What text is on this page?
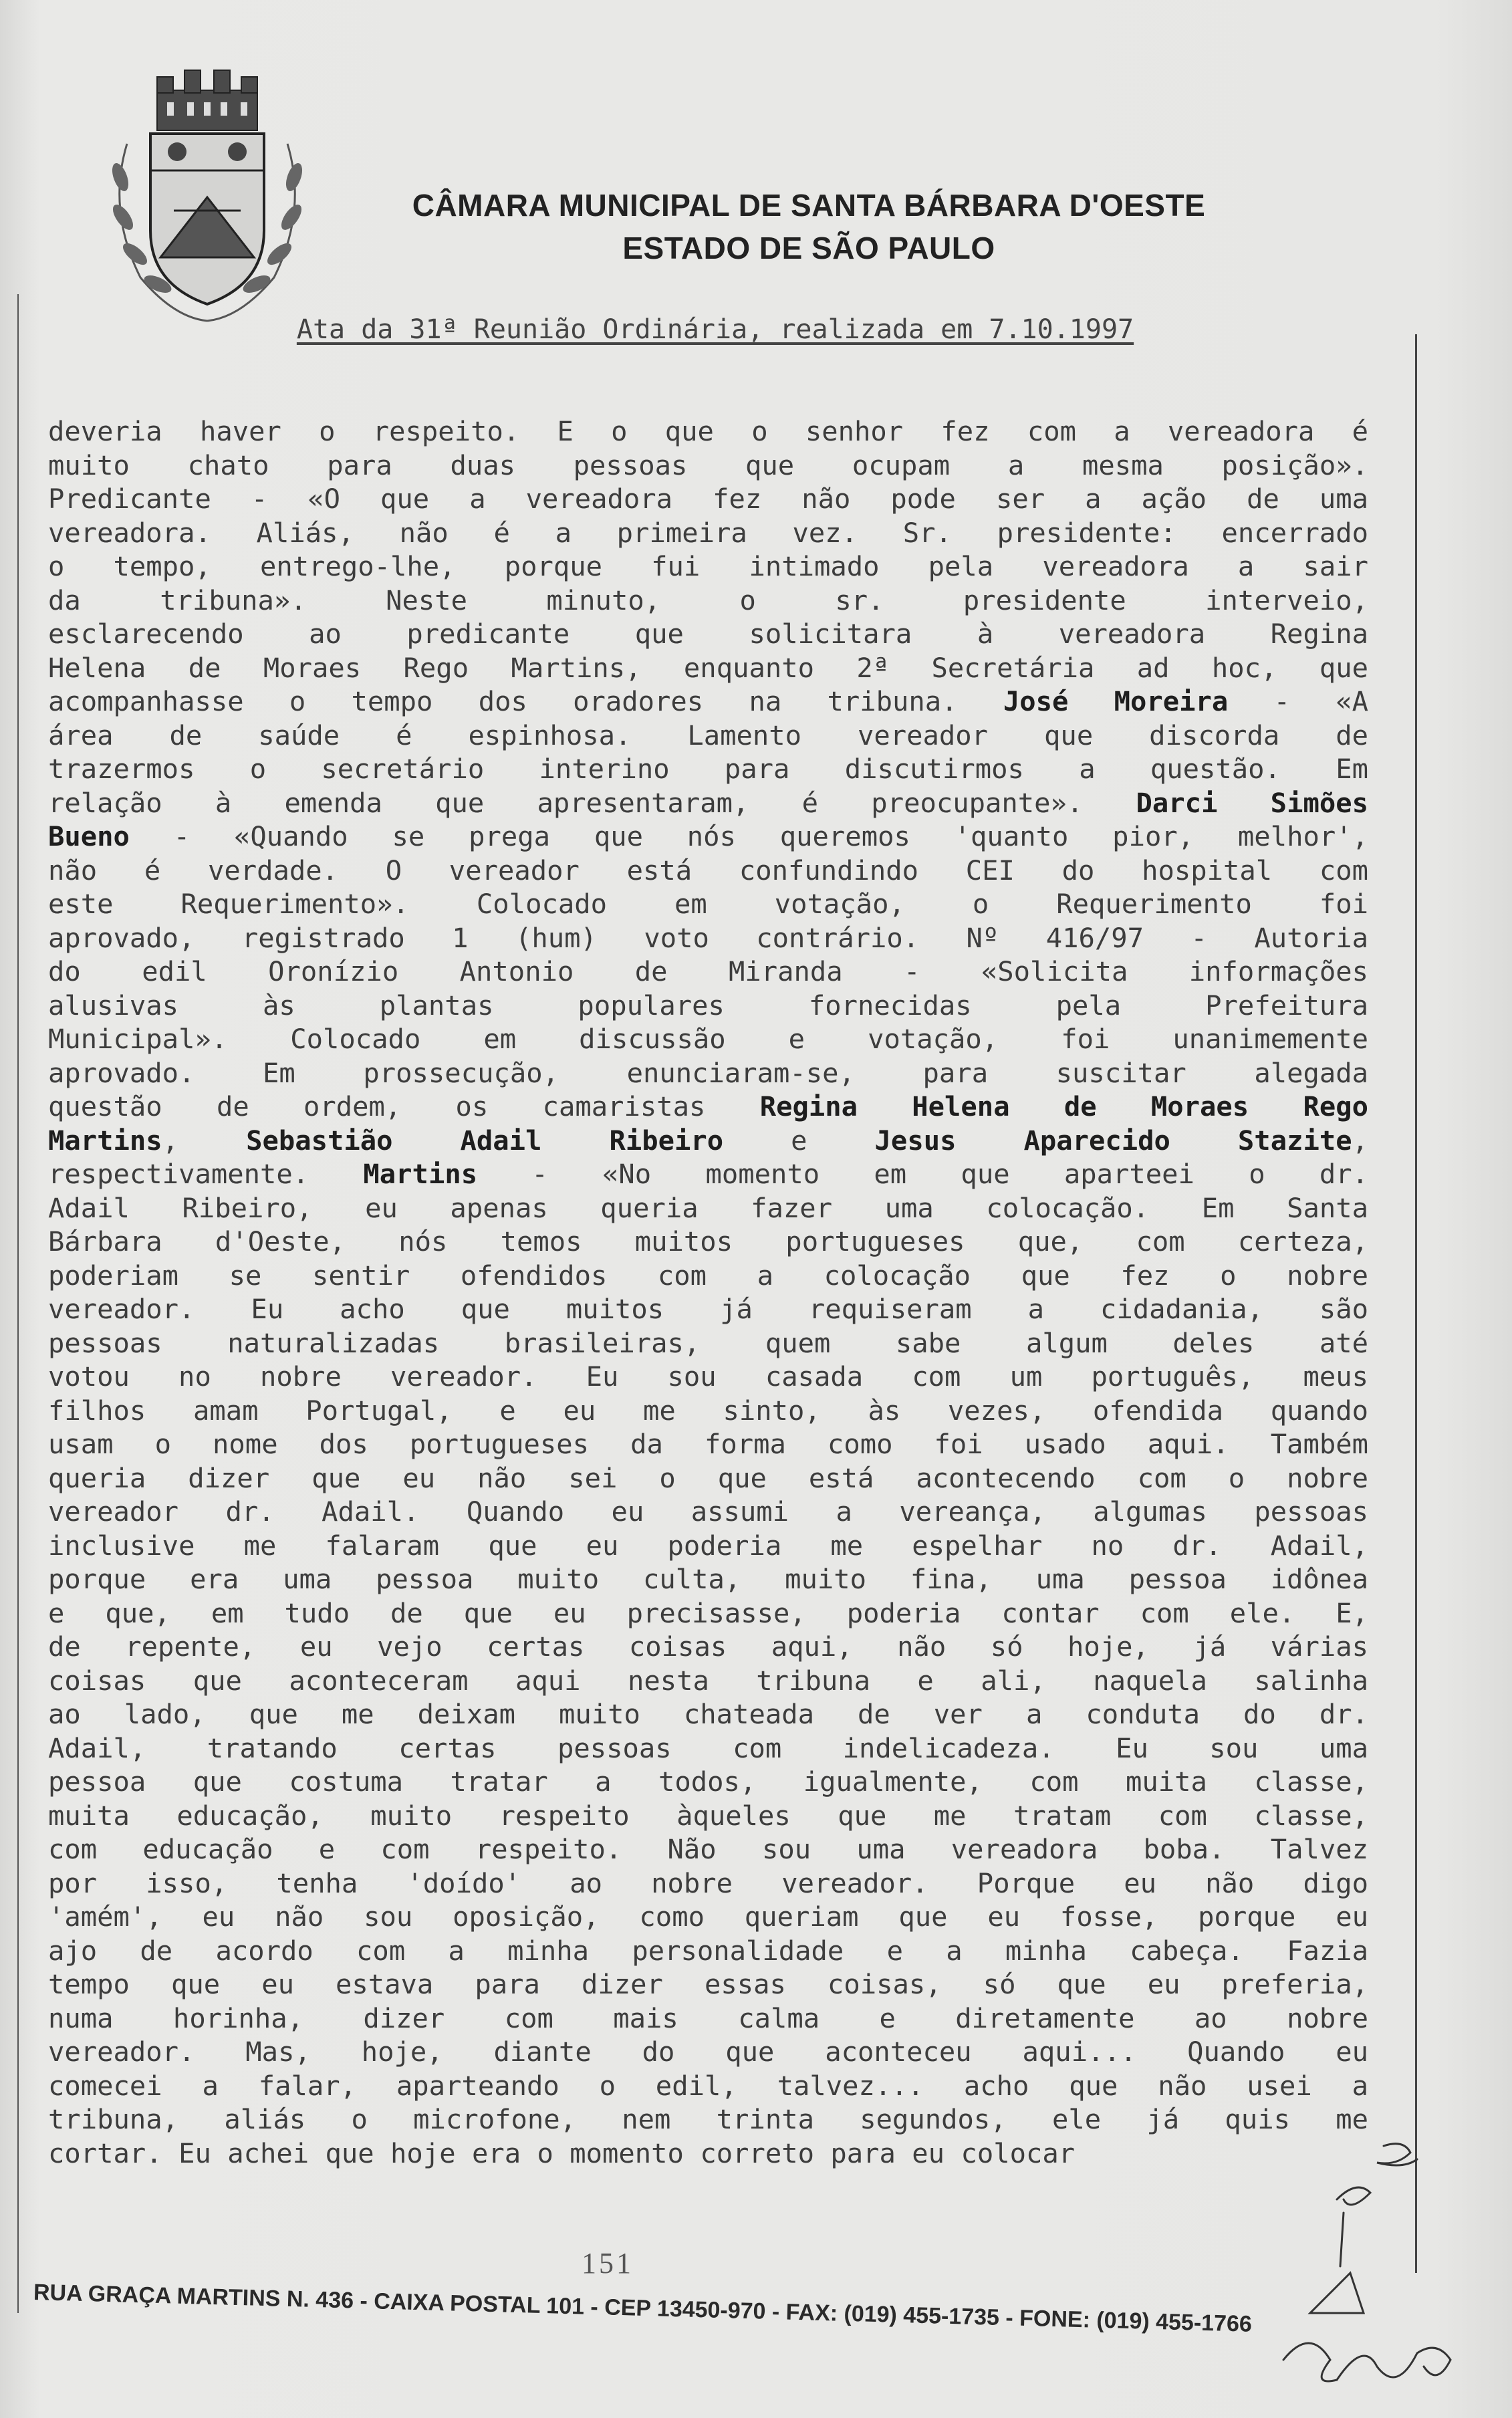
CÂMARA MUNICIPAL DE SANTA BÁRBARA D'OESTE
ESTADO DE SÃO PAULO
Ata da 31ª Reunião Ordinária, realizada em 7.10.1997
deveria haver o respeito. E o que o senhor fez com a vereadora é
muito chato para duas pessoas que ocupam a mesma posição».
Predicante - «O que a vereadora fez não pode ser a ação de uma
vereadora. Aliás, não é a primeira vez. Sr. presidente: encerrado
o tempo, entrego-lhe, porque fui intimado pela vereadora a sair
da tribuna». Neste minuto, o sr. presidente interveio,
esclarecendo ao predicante que solicitara à vereadora Regina
Helena de Moraes Rego Martins, enquanto 2ª Secretária ad hoc, que
acompanhasse o tempo dos oradores na tribuna. José Moreira - «A
área de saúde é espinhosa. Lamento vereador que discorda de
trazermos o secretário interino para discutirmos a questão. Em
relação à emenda que apresentaram, é preocupante». Darci Simões
Bueno - «Quando se prega que nós queremos 'quanto pior, melhor',
não é verdade. O vereador está confundindo CEI do hospital com
este Requerimento». Colocado em votação, o Requerimento foi
aprovado, registrado 1 (hum) voto contrário. Nº 416/97 - Autoria
do edil Oronízio Antonio de Miranda - «Solicita informações
alusivas às plantas populares fornecidas pela Prefeitura
Municipal». Colocado em discussão e votação, foi unanimemente
aprovado. Em prossecução, enunciaram-se, para suscitar alegada
questão de ordem, os camaristas Regina Helena de Moraes Rego
Martins, Sebastião Adail Ribeiro e Jesus Aparecido Stazite,
respectivamente. Martins - «No momento em que aparteei o dr.
Adail Ribeiro, eu apenas queria fazer uma colocação. Em Santa
Bárbara d'Oeste, nós temos muitos portugueses que, com certeza,
poderiam se sentir ofendidos com a colocação que fez o nobre
vereador. Eu acho que muitos já requiseram a cidadania, são
pessoas naturalizadas brasileiras, quem sabe algum deles até
votou no nobre vereador. Eu sou casada com um português, meus
filhos amam Portugal, e eu me sinto, às vezes, ofendida quando
usam o nome dos portugueses da forma como foi usado aqui. Também
queria dizer que eu não sei o que está acontecendo com o nobre
vereador dr. Adail. Quando eu assumi a vereança, algumas pessoas
inclusive me falaram que eu poderia me espelhar no dr. Adail,
porque era uma pessoa muito culta, muito fina, uma pessoa idônea
e que, em tudo de que eu precisasse, poderia contar com ele. E,
de repente, eu vejo certas coisas aqui, não só hoje, já várias
coisas que aconteceram aqui nesta tribuna e ali, naquela salinha
ao lado, que me deixam muito chateada de ver a conduta do dr.
Adail, tratando certas pessoas com indelicadeza. Eu sou uma
pessoa que costuma tratar a todos, igualmente, com muita classe,
muita educação, muito respeito àqueles que me tratam com classe,
com educação e com respeito. Não sou uma vereadora boba. Talvez
por isso, tenha 'doído' ao nobre vereador. Porque eu não digo
'amém', eu não sou oposição, como queriam que eu fosse, porque eu
ajo de acordo com a minha personalidade e a minha cabeça. Fazia
tempo que eu estava para dizer essas coisas, só que eu preferia,
numa horinha, dizer com mais calma e diretamente ao nobre
vereador. Mas, hoje, diante do que aconteceu aqui... Quando eu
comecei a falar, aparteando o edil, talvez... acho que não usei a
tribuna, aliás o microfone, nem trinta segundos, ele já quis me
cortar. Eu achei que hoje era o momento correto para eu colocar
151
RUA GRAÇA MARTINS N. 436 - CAIXA POSTAL 101 - CEP 13450-970 - FAX: (019) 455-1735 - FONE: (019) 455-1766
